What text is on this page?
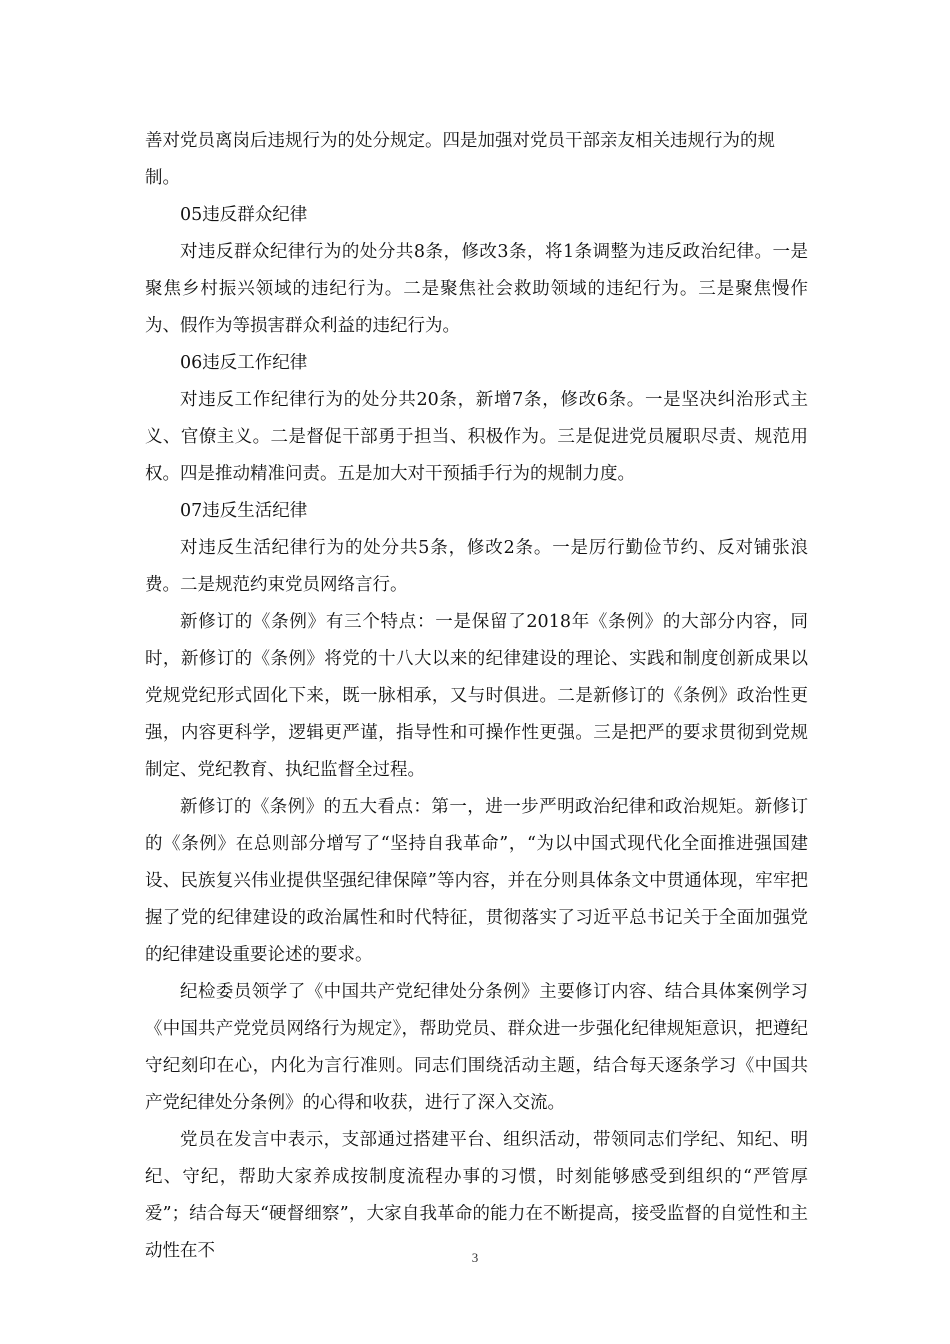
善对党员离岗后违规行为的处分规定。四是加强对党员干部亲友相关违规行为的规制。

05违反群众纪律

对违反群众纪律行为的处分共8条，修改3条，将1条调整为违反政治纪律。一是聚焦乡村振兴领域的违纪行为。二是聚焦社会救助领域的违纪行为。三是聚焦慢作为、假作为等损害群众利益的违纪行为。

06违反工作纪律

对违反工作纪律行为的处分共20条，新增7条，修改6条。一是坚决纠治形式主义、官僚主义。二是督促干部勇于担当、积极作为。三是促进党员履职尽责、规范用权。四是推动精准问责。五是加大对干预插手行为的规制力度。

07违反生活纪律

对违反生活纪律行为的处分共5条，修改2条。一是厉行勤俭节约、反对铺张浪费。二是规范约束党员网络言行。

新修订的《条例》有三个特点：一是保留了2018年《条例》的大部分内容，同时，新修订的《条例》将党的十八大以来的纪律建设的理论、实践和制度创新成果以党规党纪形式固化下来，既一脉相承，又与时俱进。二是新修订的《条例》政治性更强，内容更科学，逻辑更严谨，指导性和可操作性更强。三是把严的要求贯彻到党规制定、党纪教育、执纪监督全过程。

新修订的《条例》的五大看点：第一，进一步严明政治纪律和政治规矩。新修订的《条例》在总则部分增写了“坚持自我革命”，“为以中国式现代化全面推进强国建设、民族复兴伟业提供坚强纪律保障”等内容，并在分则具体条文中贯通体现，牢牢把握了党的纪律建设的政治属性和时代特征，贯彻落实了习近平总书记关于全面加强党的纪律建设重要论述的要求。

纪检委员领学了《中国共产党纪律处分条例》主要修订内容、结合具体案例学习《中国共产党党员网络行为规定》，帮助党员、群众进一步强化纪律规矩意识，把遵纪守纪刻印在心，内化为言行准则。同志们围绕活动主题，结合每天逐条学习《中国共产党纪律处分条例》的心得和收获，进行了深入交流。

党员在发言中表示，支部通过搭建平台、组织活动，带领同志们学纪、知纪、明纪、守纪，帮助大家养成按制度流程办事的习惯，时刻能够感受到组织的“严管厚爱”；结合每天“硬督细察”，大家自我革命的能力在不断提高，接受监督的自觉性和主动性在不	3
